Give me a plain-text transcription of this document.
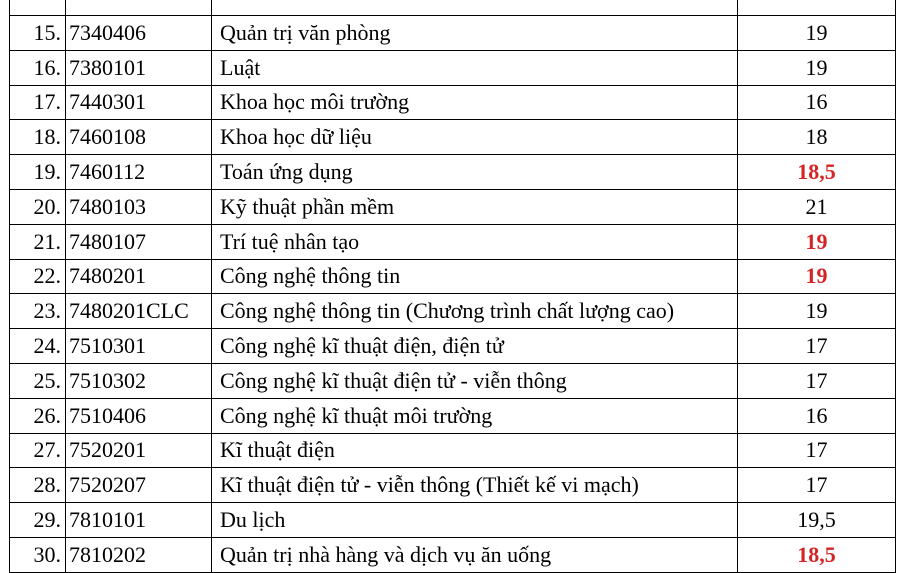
15.	7340406	Quản trị văn phòng	19
16.	7380101	Luật	19
17.	7440301	Khoa học môi trường	16
18.	7460108	Khoa học dữ liệu	18
19.	7460112	Toán ứng dụng	18,5
20.	7480103	Kỹ thuật phần mềm	21
21.	7480107	Trí tuệ nhân tạo	19
22.	7480201	Công nghệ thông tin	19
23.	7480201CLC	Công nghệ thông tin (Chương trình chất lượng cao)	19
24.	7510301	Công nghệ kĩ thuật điện, điện tử	17
25.	7510302	Công nghệ kĩ thuật điện tử - viễn thông	17
26.	7510406	Công nghệ kĩ thuật môi trường	16
27.	7520201	Kĩ thuật điện	17
28.	7520207	Kĩ thuật điện tử - viễn thông (Thiết kế vi mạch)	17
29.	7810101	Du lịch	19,5
30.	7810202	Quản trị nhà hàng và dịch vụ ăn uống	18,5
